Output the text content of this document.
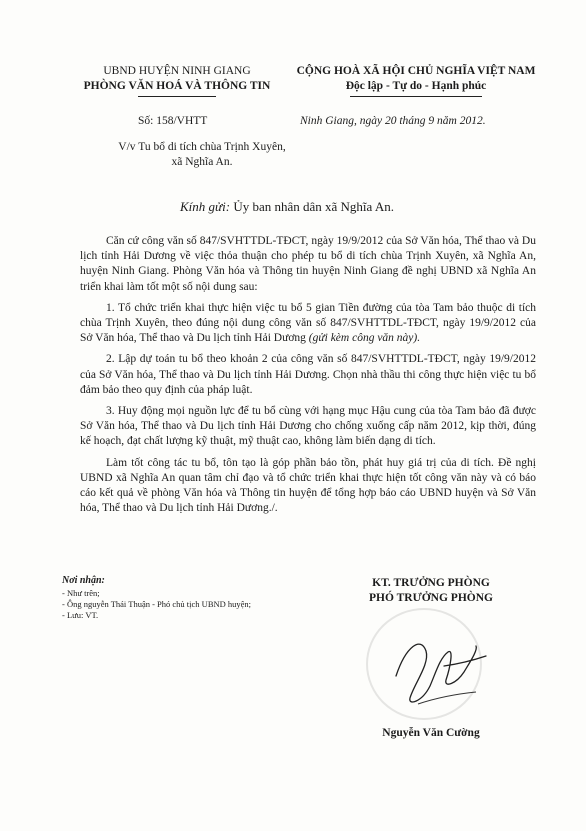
UBND HUYỆN NINH GIANG
PHÒNG VĂN HOÁ VÀ THÔNG TIN
CỘNG HOÀ XÃ HỘI CHỦ NGHĨA VIỆT NAM
Độc lập - Tự do - Hạnh phúc
Số: 158/VHTT	Ninh Giang, ngày 20 tháng 9 năm 2012.
V/v Tu bổ di tích chùa Trịnh Xuyên,
xã Nghĩa An.
Kính gửi: Ủy ban nhân dân xã Nghĩa An.

Căn cứ công văn số 847/SVHTTDL-TĐCT, ngày 19/9/2012 của Sở Văn hóa, Thể thao và Du lịch tỉnh Hải Dương về việc thỏa thuận cho phép tu bổ di tích chùa Trịnh Xuyên, xã Nghĩa An, huyện Ninh Giang. Phòng Văn hóa và Thông tin huyện Ninh Giang đề nghị UBND xã Nghĩa An triển khai làm tốt một số nội dung sau:

1. Tổ chức triển khai thực hiện việc tu bổ 5 gian Tiền đường của tòa Tam bảo thuộc di tích chùa Trịnh Xuyên, theo đúng nội dung công văn số 847/SVHTTDL-TĐCT, ngày 19/9/2012 của Sở Văn hóa, Thể thao và Du lịch tỉnh Hải Dương (gửi kèm công văn này).

2. Lập dự toán tu bổ theo khoản 2 của công văn số 847/SVHTTDL-TĐCT, ngày 19/9/2012 của Sở Văn hóa, Thể thao và Du lịch tỉnh Hải Dương. Chọn nhà thầu thi công thực hiện việc tu bổ đảm bảo theo quy định của pháp luật.

3. Huy động mọi nguồn lực để tu bổ cùng với hạng mục Hậu cung của tòa Tam bảo đã được Sở Văn hóa, Thể thao và Du lịch tỉnh Hải Dương cho chống xuống cấp năm 2012, kịp thời, đúng kế hoạch, đạt chất lượng kỹ thuật, mỹ thuật cao, không làm biến dạng di tích.

Làm tốt công tác tu bổ, tôn tạo là góp phần bảo tồn, phát huy giá trị của di tích. Đề nghị UBND xã Nghĩa An quan tâm chỉ đạo và tổ chức triển khai thực hiện tốt công văn này và có báo cáo kết quả về phòng Văn hóa và Thông tin huyện để tổng hợp báo cáo UBND huyện và Sở Văn hóa, Thể thao và Du lịch tỉnh Hải Dương./.

Nơi nhận:
- Như trên;
- Ông nguyễn Thái Thuận - Phó chủ tịch UBND huyện;
- Lưu: VT.
KT. TRƯỞNG PHÒNG
PHÓ TRƯỞNG PHÒNG
Nguyễn Văn Cường
